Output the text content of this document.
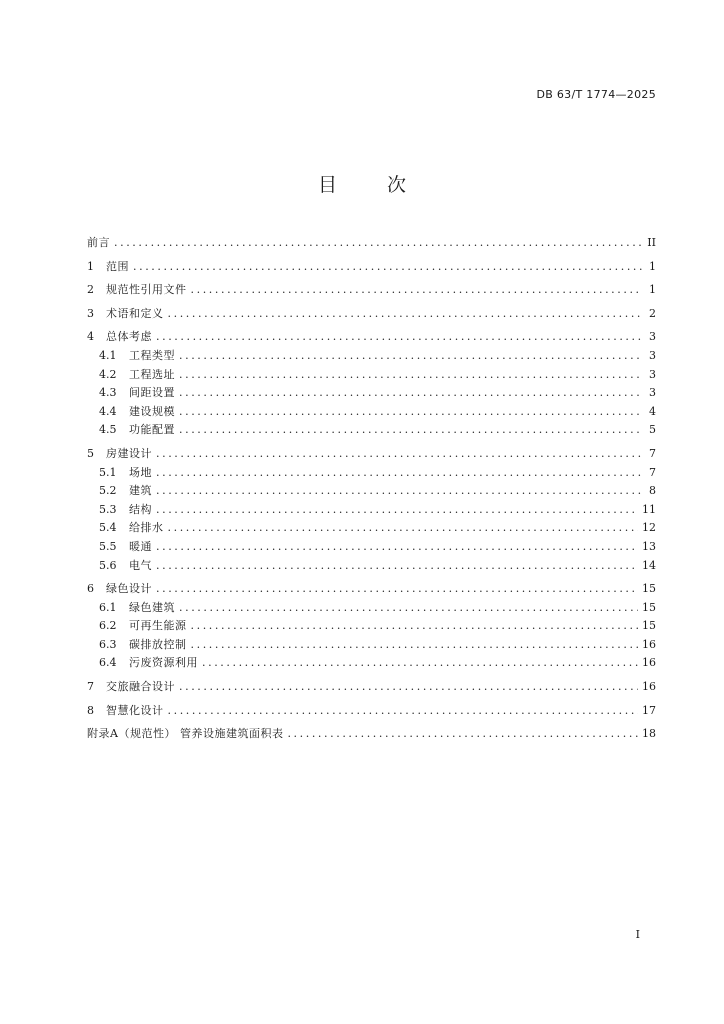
DB 63/T 1774—2025
目 次
前言 .....	II
1	范围 .....	1
2	规范性引用文件 .....	1
3	术语和定义 .....	2
4	总体考虑 .....	3
4.1	工程类型 .....	3
4.2	工程选址 .....	3
4.3	间距设置 .....	3
4.4	建设规模 .....	4
4.5	功能配置 .....	5
5	房建设计 .....	7
5.1	场地 .....	7
5.2	建筑 .....	8
5.3	结构 .....	11
5.4	给排水 .....	12
5.5	暖通 .....	13
5.6	电气 .....	14
6	绿色设计 .....	15
6.1	绿色建筑 .....	15
6.2	可再生能源 .....	15
6.3	碳排放控制 .....	16
6.4	污废资源利用 .....	16
7	交旅融合设计 .....	16
8	智慧化设计 .....	17
附录A（规范性） 管养设施建筑面积表 .....	18
I
